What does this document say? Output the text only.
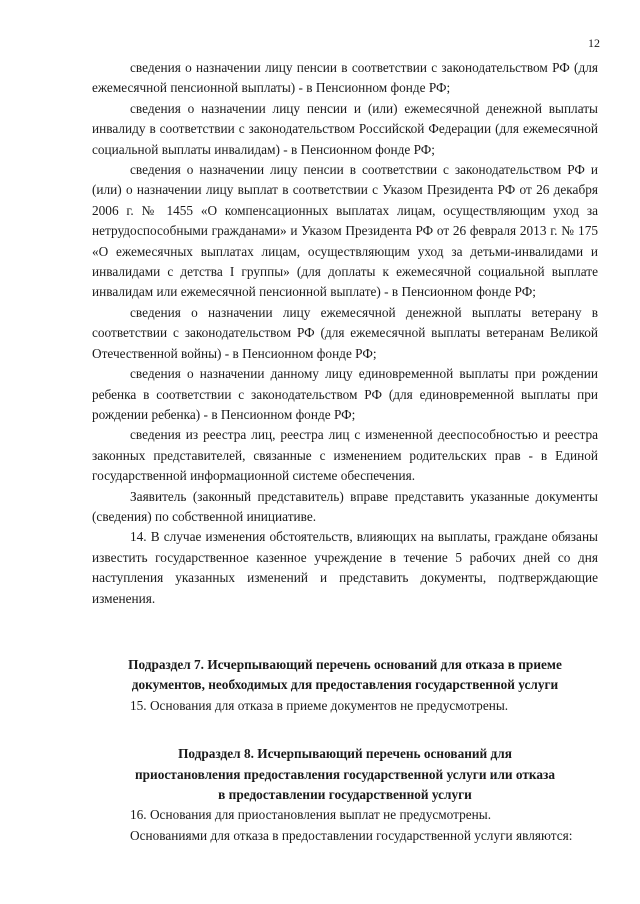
12

сведения о назначении лицу пенсии в соответствии с законодательством РФ (для ежемесячной пенсионной выплаты) - в Пенсионном фонде РФ;

сведения о назначении лицу пенсии и (или) ежемесячной денежной выплаты инвалиду в соответствии с законодательством Российской Федерации (для ежемесячной социальной выплаты инвалидам) - в Пенсионном фонде РФ;

сведения о назначении лицу пенсии в соответствии с законодательством РФ и (или) о назначении лицу выплат в соответствии с Указом Президента РФ от 26 декабря 2006 г. № 1455 «О компенсационных выплатах лицам, осуществляющим уход за нетрудоспособными гражданами» и Указом Президента РФ от 26 февраля 2013 г. № 175 «О ежемесячных выплатах лицам, осуществляющим уход за детьми-инвалидами и инвалидами с детства I группы» (для доплаты к ежемесячной социальной выплате инвалидам или ежемесячной пенсионной выплате) - в Пенсионном фонде РФ;

сведения о назначении лицу ежемесячной денежной выплаты ветерану в соответствии с законодательством РФ (для ежемесячной выплаты ветеранам Великой Отечественной войны) - в Пенсионном фонде РФ;

сведения о назначении данному лицу единовременной выплаты при рождении ребенка в соответствии с законодательством РФ (для единовременной выплаты при рождении ребенка) - в Пенсионном фонде РФ;

сведения из реестра лиц, реестра лиц с измененной дееспособностью и реестра законных представителей, связанные с изменением родительских прав - в Единой государственной информационной системе обеспечения.

Заявитель (законный представитель) вправе представить указанные документы (сведения) по собственной инициативе.

14. В случае изменения обстоятельств, влияющих на выплаты, граждане обязаны известить государственное казенное учреждение в течение 5 рабочих дней со дня наступления указанных изменений и представить документы, подтверждающие изменения.

Подраздел 7. Исчерпывающий перечень оснований для отказа в приеме
документов, необходимых для предоставления государственной услуги

15. Основания для отказа в приеме документов не предусмотрены.

Подраздел 8. Исчерпывающий перечень оснований для
приостановления предоставления государственной услуги или отказа
в предоставлении государственной услуги

16. Основания для приостановления выплат не предусмотрены.

Основаниями для отказа в предоставлении государственной услуги являются:
